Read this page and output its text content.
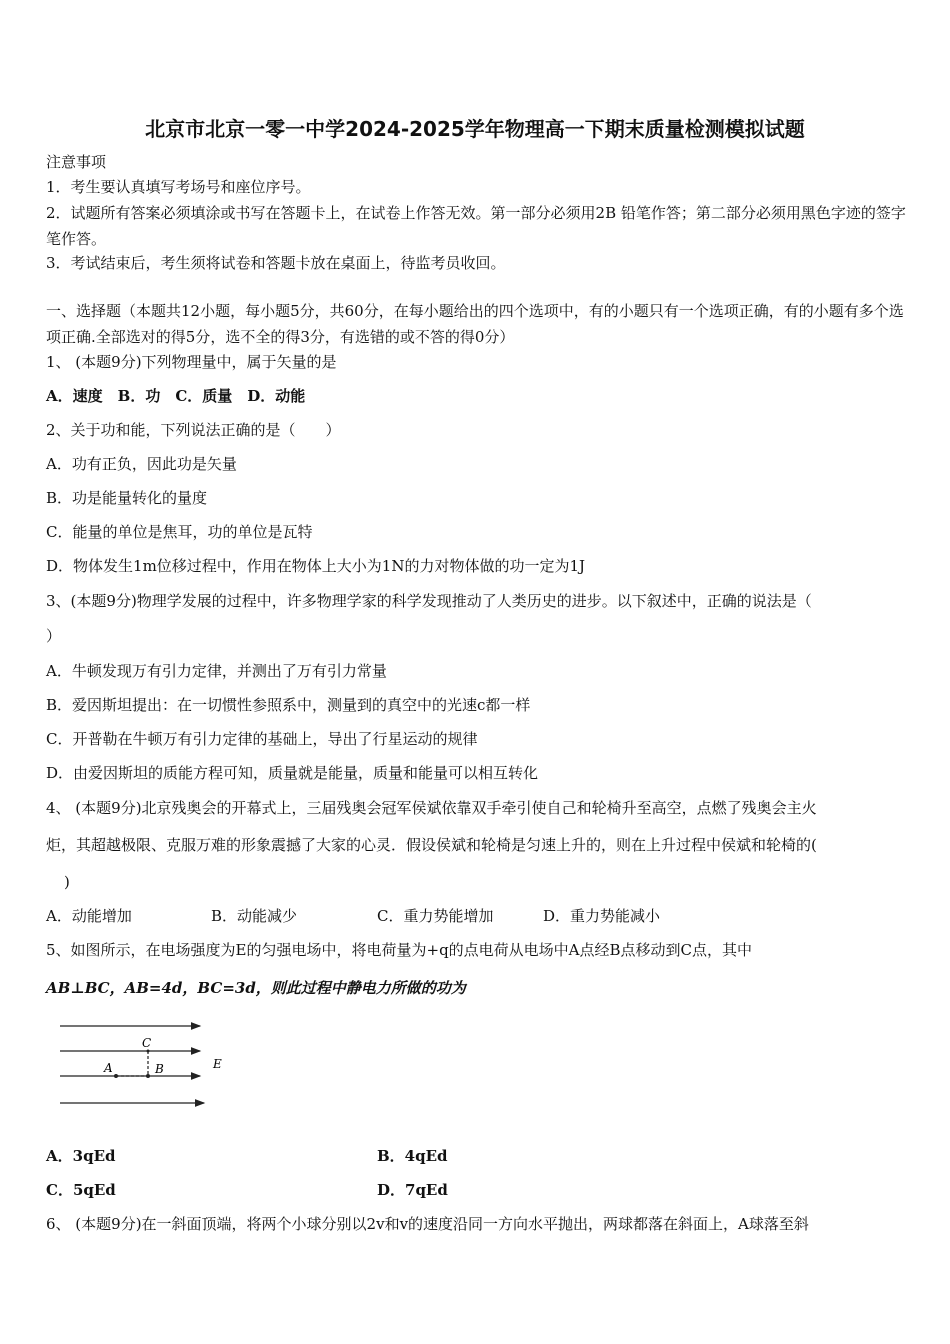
北京市北京一零一中学2024-2025学年物理高一下期末质量检测模拟试题
注意事项
1．考生要认真填写考场号和座位序号。
2．试题所有答案必须填涂或书写在答题卡上，在试卷上作答无效。第一部分必须用2B 铅笔作答；第二部分必须用黑色字迹的签字笔作答。
3．考试结束后，考生须将试卷和答题卡放在桌面上，待监考员收回。
一、选择题（本题共12小题，每小题5分，共60分，在每小题给出的四个选项中，有的小题只有一个选项正确，有的小题有多个选项正确.全部选对的得5分，选不全的得3分，有选错的或不答的得0分）
1、 (本题9分)下列物理量中，属于矢量的是
A．速度　B．功　C．质量　D．动能
2、关于功和能，下列说法正确的是（　　）
A．功有正负，因此功是矢量
B．功是能量转化的量度
C．能量的单位是焦耳，功的单位是瓦特
D．物体发生1m位移过程中，作用在物体上大小为1N的力对物体做的功一定为1J
3、(本题9分)物理学发展的过程中，许多物理学家的科学发现推动了人类历史的进步。以下叙述中，正确的说法是（
）
A．牛顿发现万有引力定律，并测出了万有引力常量
B．爱因斯坦提出：在一切惯性参照系中，测量到的真空中的光速c都一样
C．开普勒在牛顿万有引力定律的基础上，导出了行星运动的规律
D．由爱因斯坦的质能方程可知，质量就是能量，质量和能量可以相互转化
4、 (本题9分)北京残奥会的开幕式上，三届残奥会冠军侯斌依靠双手牵引使自己和轮椅升至高空，点燃了残奥会主火
炬，其超越极限、克服万难的形象震撼了大家的心灵．假设侯斌和轮椅是匀速上升的，则在上升过程中侯斌和轮椅的(
)
A．动能增加	B．动能减少	C．重力势能增加	D．重力势能减小
5、如图所示，在电场强度为E的匀强电场中，将电荷量为+q的点电荷从电场中A点经B点移动到C点，其中
AB⊥BC，AB=4d，BC=3d，则此过程中静电力所做的功为
C
A	B	E
A．3qEd	B．4qEd
C．5qEd	D．7qEd
6、 (本题9分)在一斜面顶端，将两个小球分别以2v和v的速度沿同一方向水平抛出，两球都落在斜面上，A球落至斜
